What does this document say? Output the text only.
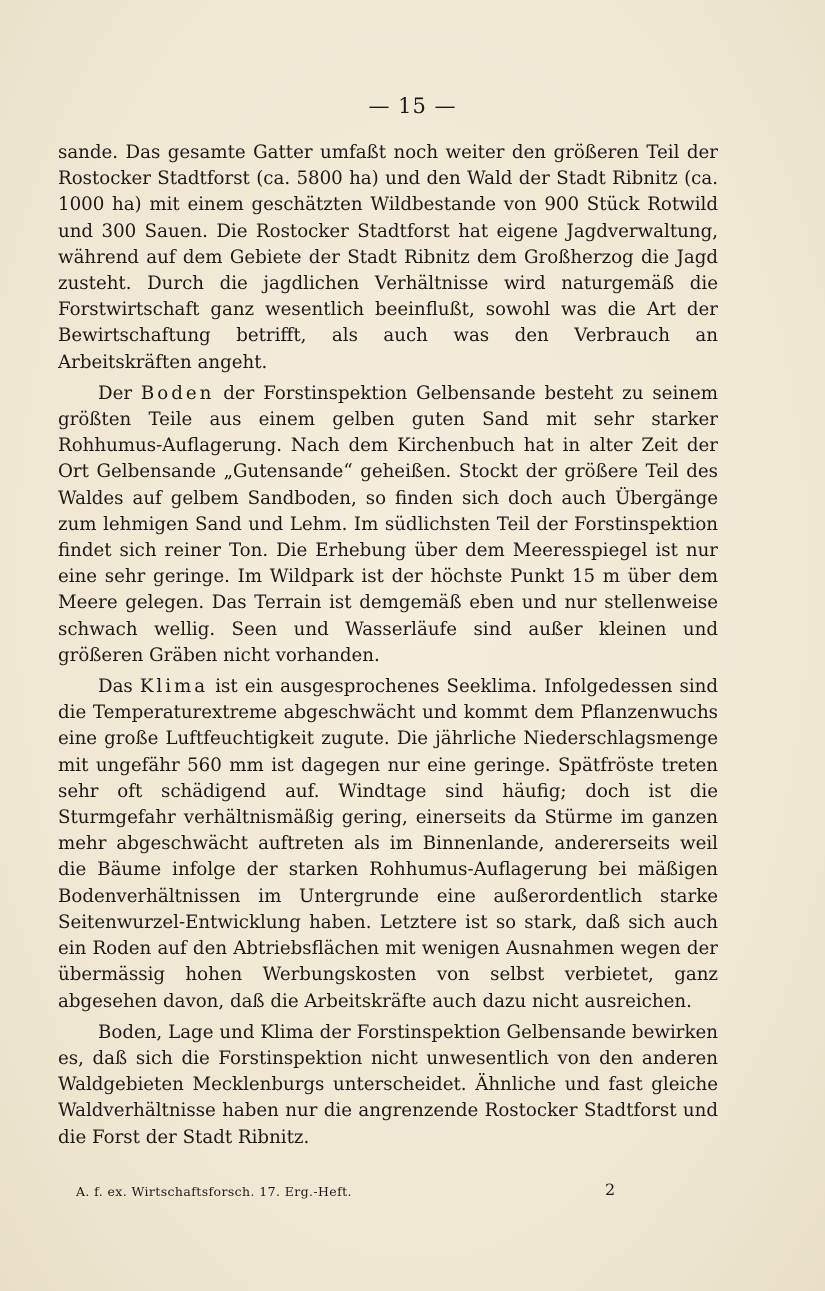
— 15 —

sande. Das gesamte Gatter umfaßt noch weiter den größeren Teil der Rostocker Stadtforst (ca. 5800 ha) und den Wald der Stadt Ribnitz (ca. 1000 ha) mit einem geschätzten Wildbestande von 900 Stück Rotwild und 300 Sauen. Die Rostocker Stadtforst hat eigene Jagdverwaltung, während auf dem Gebiete der Stadt Ribnitz dem Großherzog die Jagd zusteht. Durch die jagdlichen Verhältnisse wird naturgemäß die Forstwirtschaft ganz wesentlich beeinflußt, sowohl was die Art der Bewirtschaftung betrifft, als auch was den Verbrauch an Arbeitskräften angeht.

Der Boden der Forstinspektion Gelbensande besteht zu seinem größten Teile aus einem gelben guten Sand mit sehr starker Rohhumus-Auflagerung. Nach dem Kirchenbuch hat in alter Zeit der Ort Gelbensande „Gutensande“ geheißen. Stockt der größere Teil des Waldes auf gelbem Sandboden, so finden sich doch auch Übergänge zum lehmigen Sand und Lehm. Im südlichsten Teil der Forstinspektion findet sich reiner Ton. Die Erhebung über dem Meeresspiegel ist nur eine sehr geringe. Im Wildpark ist der höchste Punkt 15 m über dem Meere gelegen. Das Terrain ist demgemäß eben und nur stellenweise schwach wellig. Seen und Wasserläufe sind außer kleinen und größeren Gräben nicht vorhanden.

Das Klima ist ein ausgesprochenes Seeklima. Infolgedessen sind die Temperaturextreme abgeschwächt und kommt dem Pflanzenwuchs eine große Luftfeuchtigkeit zugute. Die jährliche Niederschlagsmenge mit ungefähr 560 mm ist dagegen nur eine geringe. Spätfröste treten sehr oft schädigend auf. Windtage sind häufig; doch ist die Sturmgefahr verhältnismäßig gering, einerseits da Stürme im ganzen mehr abgeschwächt auftreten als im Binnenlande, andererseits weil die Bäume infolge der starken Rohhumus-Auflagerung bei mäßigen Bodenverhältnissen im Untergrunde eine außerordentlich starke Seitenwurzel-Entwicklung haben. Letztere ist so stark, daß sich auch ein Roden auf den Abtriebsflächen mit wenigen Ausnahmen wegen der übermässig hohen Werbungskosten von selbst verbietet, ganz abgesehen davon, daß die Arbeitskräfte auch dazu nicht ausreichen.

Boden, Lage und Klima der Forstinspektion Gelbensande bewirken es, daß sich die Forstinspektion nicht unwesentlich von den anderen Waldgebieten Mecklenburgs unterscheidet. Ähnliche und fast gleiche Waldverhältnisse haben nur die angrenzende Rostocker Stadtforst und die Forst der Stadt Ribnitz.

A. f. ex. Wirtschaftsforsch. 17. Erg.-Heft.	2
